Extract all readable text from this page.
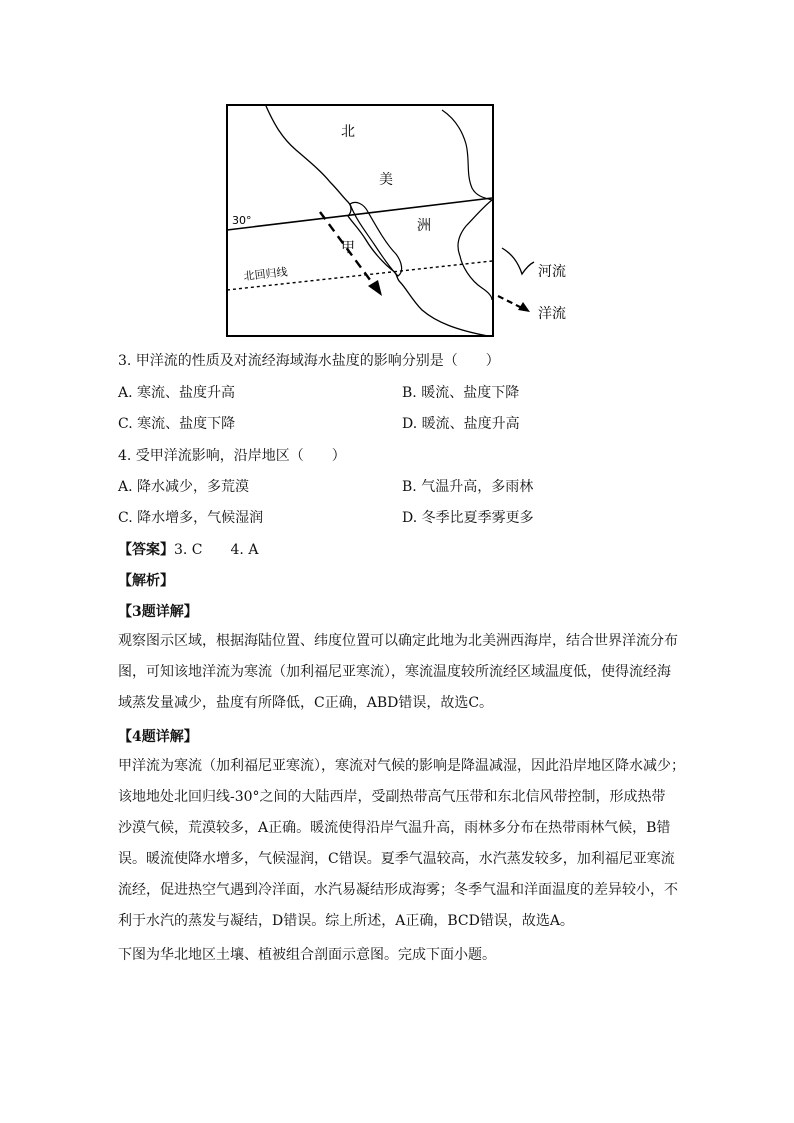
北
美
洲
甲
30°
北回归线	河流
洋流
3. 甲洋流的性质及对流经海域海水盐度的影响分别是（　　）
A. 寒流、盐度升高	B. 暖流、盐度下降
C. 寒流、盐度下降	D. 暖流、盐度升高
4. 受甲洋流影响，沿岸地区（　　）
A. 降水减少，多荒漠	B. 气温升高，多雨林
C. 降水增多，气候湿润	D. 冬季比夏季雾更多
【答案】3. C　　4. A
【解析】
【3题详解】
观察图示区域，根据海陆位置、纬度位置可以确定此地为北美洲西海岸，结合世界洋流分布
图，可知该地洋流为寒流（加利福尼亚寒流），寒流温度较所流经区域温度低，使得流经海
域蒸发量减少，盐度有所降低，C正确，ABD错误，故选C。
【4题详解】
甲洋流为寒流（加利福尼亚寒流），寒流对气候的影响是降温减湿，因此沿岸地区降水减少；
该地地处北回归线-30°之间的大陆西岸，受副热带高气压带和东北信风带控制，形成热带
沙漠气候，荒漠较多，A正确。暖流使得沿岸气温升高，雨林多分布在热带雨林气候，B错
误。暖流使降水增多，气候湿润，C错误。夏季气温较高，水汽蒸发较多，加利福尼亚寒流
流经，促进热空气遇到冷洋面，水汽易凝结形成海雾；冬季气温和洋面温度的差异较小，不
利于水汽的蒸发与凝结，D错误。综上所述，A正确，BCD错误，故选A。
下图为华北地区土壤、植被组合剖面示意图。完成下面小题。
